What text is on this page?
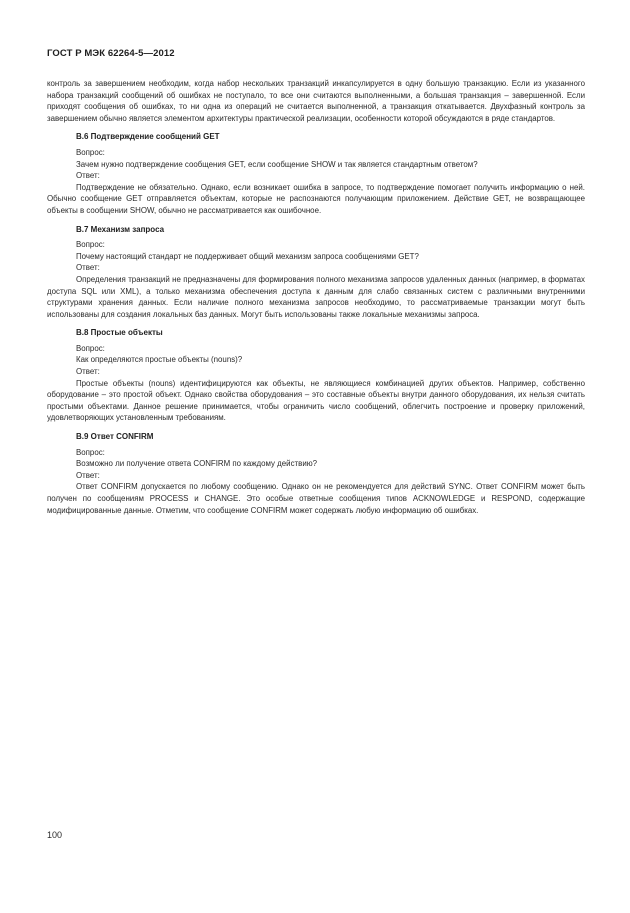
ГОСТ Р МЭК 62264-5—2012

контроль за завершением необходим, когда набор нескольких транзакций инкапсулируется в одну большую транзакцию. Если из указанного набора транзакций сообщений об ошибках не поступало, то все они считаются выполненными, а большая транзакция – завершенной. Если приходят сообщения об ошибках, то ни одна из операций не считается выполненной, а транзакция откатывается. Двухфазный контроль за завершением обычно является элементом архитектуры практической реализации, особенности которой обсуждаются в ряде стандартов.

B.6 Подтверждение сообщений GET

Вопрос:

Зачем нужно подтверждение сообщения GET, если сообщение SHOW и так является стандартным ответом?

Ответ:

Подтверждение не обязательно. Однако, если возникает ошибка в запросе, то подтверждение помогает получить информацию о ней. Обычно сообщение GET отправляется объектам, которые не распознаются получающим приложением. Действие GET, не возвращающее объекты в сообщении SHOW, обычно не рассматривается как ошибочное.

B.7 Механизм запроса

Вопрос:

Почему настоящий стандарт не поддерживает общий механизм запроса сообщениями GET?

Ответ:

Определения транзакций не предназначены для формирования полного механизма запросов удаленных данных (например, в форматах доступа SQL или XML), а только механизма обеспечения доступа к данным для слабо связанных систем с различными внутренними структурами хранения данных. Если наличие полного механизма запросов необходимо, то рассматриваемые транзакции могут быть использованы для создания локальных баз данных. Могут быть использованы также локальные механизмы запроса.

B.8 Простые объекты

Вопрос:

Как определяются простые объекты (nouns)?

Ответ:

Простые объекты (nouns) идентифицируются как объекты, не являющиеся комбинацией других объектов. Например, собственно оборудование – это простой объект. Однако свойства оборудования – это составные объекты внутри данного оборудования, их нельзя считать простыми объектами. Данное решение принимается, чтобы ограничить число сообщений, облегчить построение и проверку приложений, удовлетворяющих установленным требованиям.

B.9 Ответ CONFIRM

Вопрос:

Возможно ли получение ответа CONFIRM по каждому действию?

Ответ:

Ответ CONFIRM допускается по любому сообщению. Однако он не рекомендуется для действий SYNC. Ответ CONFIRM может быть получен по сообщениям PROCESS и CHANGE. Это особые ответные сообщения типов ACKNOWLEDGE и RESPOND, содержащие модифицированные данные. Отметим, что сообщение CONFIRM может содержать любую информацию об ошибках.

100
